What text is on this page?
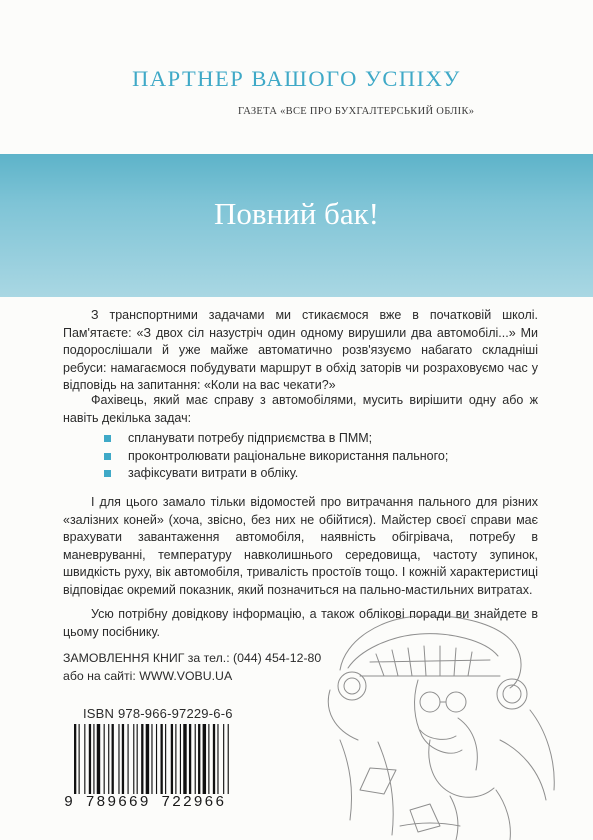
ПАРТНЕР ВАШОГО УСПІХУ
ГАЗЕТА «ВСЕ ПРО БУХГАЛТЕРСЬКИЙ ОБЛІК»
Повний бак!
З транспортними задачами ми стикаємося вже в початковій школі. Пам'ятаєте: «З двох сіл назустріч один одному вирушили два автомобілі...» Ми подорослішали й уже майже автоматично розв'язуємо набагато складніші ребуси: намагаємося побудувати маршрут в обхід заторів чи розраховуємо час у відповідь на запитання: «Коли на вас чекати?»
Фахівець, який має справу з автомобілями, мусить вирішити одну або ж навіть декілька задач:
спланувати потребу підприємства в ПММ;
проконтролювати раціональне використання пального;
зафіксувати витрати в обліку.
І для цього замало тільки відомостей про витрачання пального для різних «залізних коней» (хоча, звісно, без них не обійтися). Майстер своєї справи має врахувати завантаження автомобіля, наявність обігрівача, потребу в маневруванні, температуру навколишнього середовища, частоту зупинок, швидкість руху, вік автомобіля, тривалість простоїв тощо. І кожній характеристиці відповідає окремий показник, який позначиться на пально-мастильних витратах.
Усю потрібну довідкову інформацію, а також облікові поради ви знайдете в цьому посібнику.
ЗАМОВЛЕННЯ КНИГ за тел.: (044) 454-12-80
або на сайті: WWW.VOBU.UA
ISBN 978-966-97229-6-6
9 789669 722966
